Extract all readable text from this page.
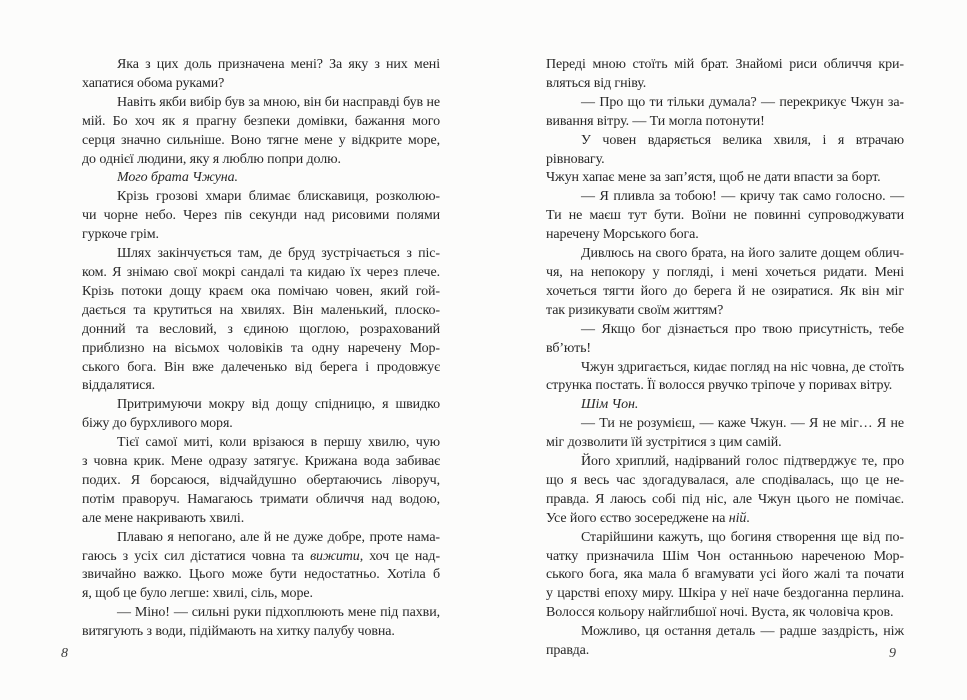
Яка з цих доль призначена мені? За яку з них мені
хапатися обома руками?
Навіть якби вибір був за мною, він би насправді був не
мій. Бо хоч як я прагну безпеки домівки, бажання мого
серця значно сильніше. Воно тягне мене у відкрите море,
до однієї людини, яку я люблю попри долю.
Мого брата Чжуна.
Крізь грозові хмари блимає блискавиця, розколюю-
чи чорне небо. Через пів секунди над рисовими полями
гуркоче грім.
Шлях закінчується там, де бруд зустрічається з піс-
ком. Я знімаю свої мокрі сандалі та кидаю їх через плече.
Крізь потоки дощу краєм ока помічаю човен, який гой-
дається та крутиться на хвилях. Він маленький, плоско-
донний та весловий, з єдиною щоглою, розрахований
приблизно на вісьмох чоловіків та одну наречену Мор-
ського бога. Він вже далеченько від берега і продовжує
віддалятися.
Притримуючи мокру від дощу спідницю, я швидко
біжу до бурхливого моря.
Тієї самої миті, коли врізаюся в першу хвилю, чую
з човна крик. Мене одразу затягує. Крижана вода забиває
подих. Я борсаюся, відчайдушно обертаючись ліворуч,
потім праворуч. Намагаюсь тримати обличчя над водою,
але мене накривають хвилі.
Плаваю я непогано, але й не дуже добре, проте нама-
гаюсь з усіх сил дістатися човна та вижити, хоч це над-
звичайно важко. Цього може бути недостатньо. Хотіла б
я, щоб це було легше: хвилі, сіль, море.
— Міно! — сильні руки підхоплюють мене під пахви,
витягують з води, підіймають на хитку палубу човна.
Переді мною стоїть мій брат. Знайомі риси обличчя кри-
вляться від гніву.
— Про що ти тільки думала? — перекрикує Чжун за-
вивання вітру. — Ти могла потонути!
У човен вдаряється велика хвиля, і я втрачаю рівновагу.
Чжун хапає мене за зап’ястя, щоб не дати впасти за борт.
— Я пливла за тобою! — кричу так само голосно. —
Ти не маєш тут бути. Воїни не повинні супроводжувати
наречену Морського бога.
Дивлюсь на свого брата, на його залите дощем облич-
чя, на непокору у погляді, і мені хочеться ридати. Мені
хочеться тягти його до берега й не озиратися. Як він міг
так ризикувати своїм життям?
— Якщо бог дізнається про твою присутність, тебе
вб’ють!
Чжун здригається, кидає погляд на ніс човна, де стоїть
струнка постать. Її волосся рвучко тріпоче у поривах вітру.
Шім Чон.
— Ти не розумієш, — каже Чжун. — Я не міг… Я не
міг дозволити їй зустрітися з цим самій.
Його хриплий, надірваний голос підтверджує те, про
що я весь час здогадувалася, але сподівалась, що це не-
правда. Я лаюсь собі під ніс, але Чжун цього не помічає.
Усе його єство зосереджене на ній.
Старійшини кажуть, що богиня створення ще від по-
чатку призначила Шім Чон останньою нареченою Мор-
ського бога, яка мала б вгамувати усі його жалі та почати
у царстві епоху миру. Шкіра у неї наче бездоганна перлина.
Волосся кольору найглибшої ночі. Вуста, як чоловіча кров.
Можливо, ця остання деталь — радше заздрість, ніж
правда.
8	9
